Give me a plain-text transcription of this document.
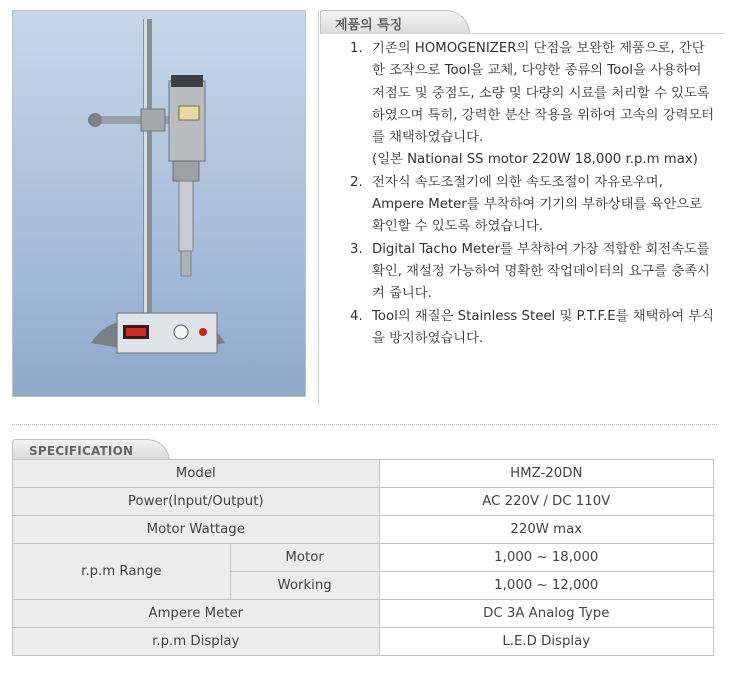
제품의 특징
1. 기존의 HOMOGENIZER의 단점을 보완한 제품으로, 간단한 조작으로 Tool을 교체, 다양한 종류의 Tool을 사용하여 저점도 및 중점도, 소량 및 다량의 시료를 처리할 수 있도록 하였으며 특히, 강력한 분산 작용을 위하여 고속의 강력모터를 채택하였습니다.
(일본 National SS motor 220W 18,000 r.p.m max)
2. 전자식 속도조절기에 의한 속도조절이 자유로우며, Ampere Meter를 부착하여 기기의 부하상태를 육안으로 확인할 수 있도록 하였습니다.
3. Digital Tacho Meter를 부착하여 가장 적합한 회전속도를 확인, 재설정 가능하여 명확한 작업데이터의 요구를 충족시켜 줍니다.
4. Tool의 재질은 Stainless Steel 및 P.T.F.E를 채택하여 부식을 방지하였습니다.
SPECIFICATION
Model		HMZ-20DN
Power(Input/Output)		AC 220V / DC 110V
Motor Wattage		220W max
r.p.m Range	Motor	1,000 ~ 18,000
	Working	1,000 ~ 12,000
Ampere Meter		DC 3A Analog Type
r.p.m Display		L.E.D Display
